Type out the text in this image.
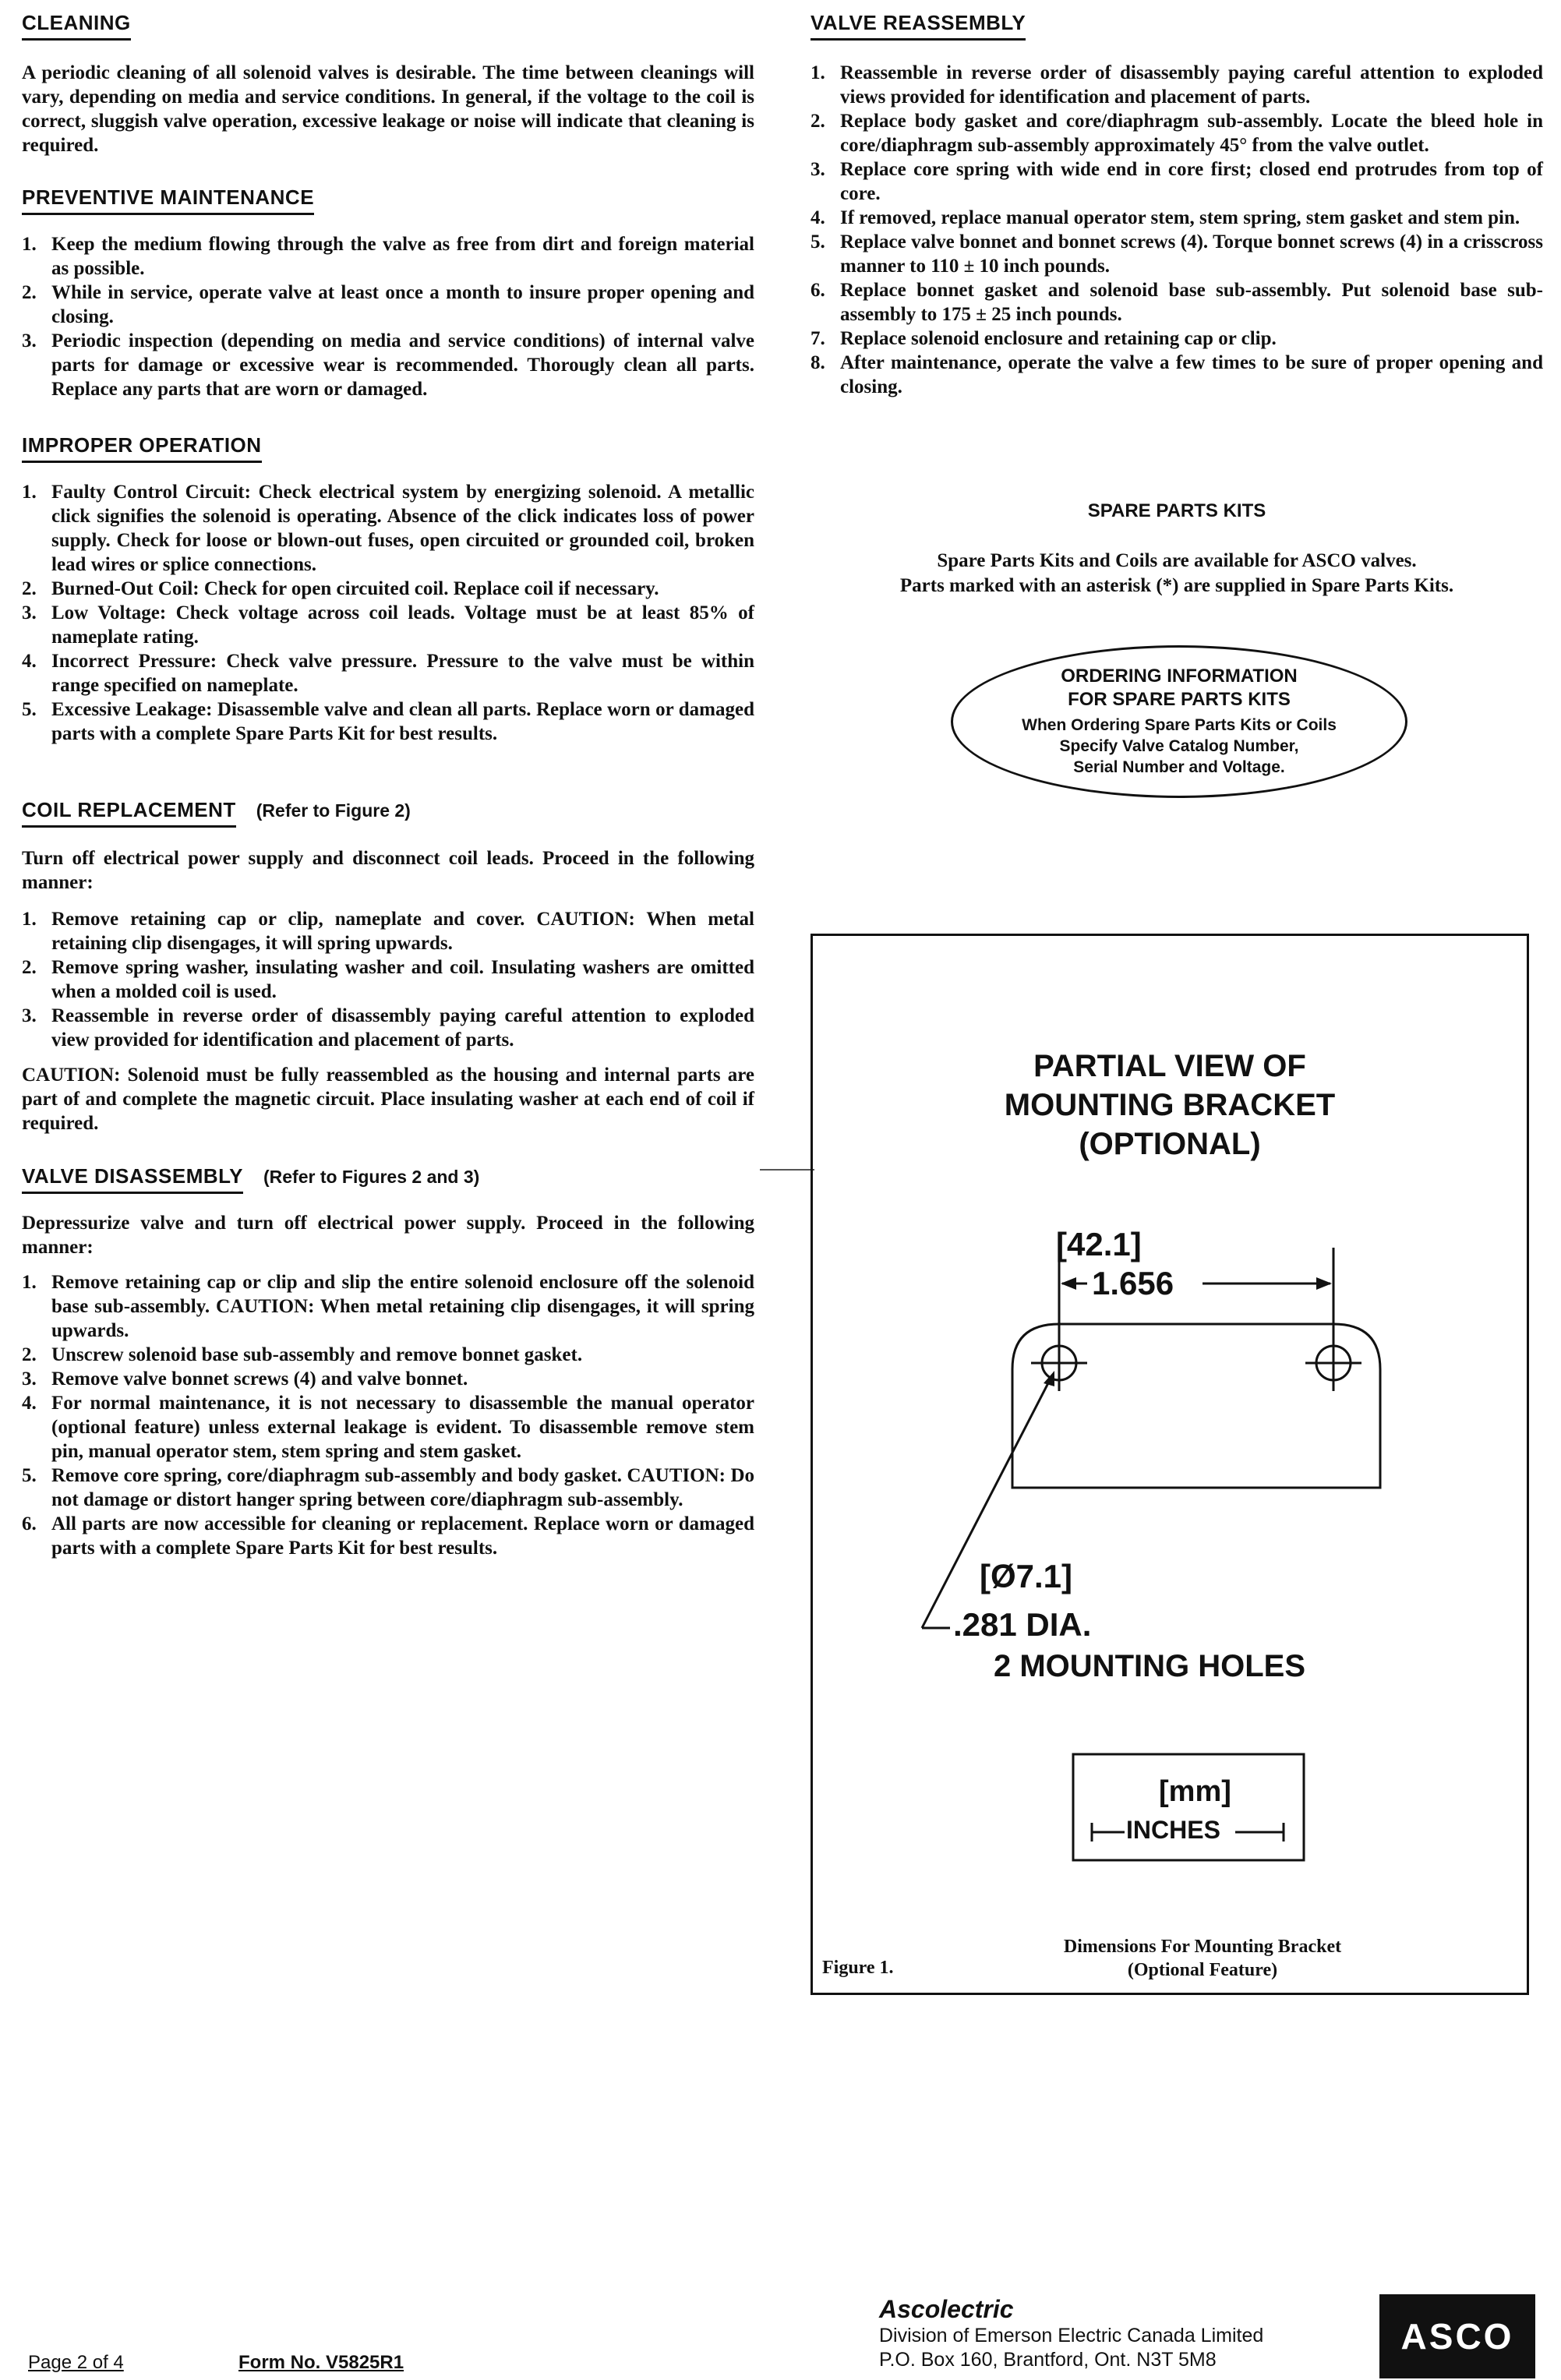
CLEANING
A periodic cleaning of all solenoid valves is desirable. The time between cleanings will vary, depending on media and service conditions. In general, if the voltage to the coil is correct, sluggish valve operation, excessive leakage or noise will indicate that cleaning is required.
PREVENTIVE MAINTENANCE
1. Keep the medium flowing through the valve as free from dirt and foreign material as possible.
2. While in service, operate valve at least once a month to insure proper opening and closing.
3. Periodic inspection (depending on media and service conditions) of internal valve parts for damage or excessive wear is recommended. Thorougly clean all parts. Replace any parts that are worn or damaged.
IMPROPER OPERATION
1. Faulty Control Circuit: Check electrical system by energizing solenoid. A metallic click signifies the solenoid is operating. Absence of the click indicates loss of power supply. Check for loose or blown-out fuses, open circuited or grounded coil, broken lead wires or splice connections.
2. Burned-Out Coil: Check for open circuited coil. Replace coil if necessary.
3. Low Voltage: Check voltage across coil leads. Voltage must be at least 85% of nameplate rating.
4. Incorrect Pressure: Check valve pressure. Pressure to the valve must be within range specified on nameplate.
5. Excessive Leakage: Disassemble valve and clean all parts. Replace worn or damaged parts with a complete Spare Parts Kit for best results.
COIL REPLACEMENT (Refer to Figure 2)
Turn off electrical power supply and disconnect coil leads. Proceed in the following manner:
1. Remove retaining cap or clip, nameplate and cover. CAUTION: When metal retaining clip disengages, it will spring upwards.
2. Remove spring washer, insulating washer and coil. Insulating washers are omitted when a molded coil is used.
3. Reassemble in reverse order of disassembly paying careful attention to exploded view provided for identification and placement of parts.
CAUTION: Solenoid must be fully reassembled as the housing and internal parts are part of and complete the magnetic circuit. Place insulating washer at each end of coil if required.
VALVE DISASSEMBLY (Refer to Figures 2 and 3)
Depressurize valve and turn off electrical power supply. Proceed in the following manner:
1. Remove retaining cap or clip and slip the entire solenoid enclosure off the solenoid base sub-assembly. CAUTION: When metal retaining clip disengages, it will spring upwards.
2. Unscrew solenoid base sub-assembly and remove bonnet gasket.
3. Remove valve bonnet screws (4) and valve bonnet.
4. For normal maintenance, it is not necessary to disassemble the manual operator (optional feature) unless external leakage is evident. To disassemble remove stem pin, manual operator stem, stem spring and stem gasket.
5. Remove core spring, core/diaphragm sub-assembly and body gasket. CAUTION: Do not damage or distort hanger spring between core/diaphragm sub-assembly.
6. All parts are now accessible for cleaning or replacement. Replace worn or damaged parts with a complete Spare Parts Kit for best results.
VALVE REASSEMBLY
1. Reassemble in reverse order of disassembly paying careful attention to exploded views provided for identification and placement of parts.
2. Replace body gasket and core/diaphragm sub-assembly. Locate the bleed hole in core/diaphragm sub-assembly approximately 45° from the valve outlet.
3. Replace core spring with wide end in core first; closed end protrudes from top of core.
4. If removed, replace manual operator stem, stem spring, stem gasket and stem pin.
5. Replace valve bonnet and bonnet screws (4). Torque bonnet screws (4) in a crisscross manner to 110 ± 10 inch pounds.
6. Replace bonnet gasket and solenoid base sub-assembly. Put solenoid base sub-assembly to 175 ± 25 inch pounds.
7. Replace solenoid enclosure and retaining cap or clip.
8. After maintenance, operate the valve a few times to be sure of proper opening and closing.
SPARE PARTS KITS
Spare Parts Kits and Coils are available for ASCO valves.
Parts marked with an asterisk (*) are supplied in Spare Parts Kits.
ORDERING INFORMATION
FOR SPARE PARTS KITS
When Ordering Spare Parts Kits or Coils
Specify Valve Catalog Number,
Serial Number and Voltage.
PARTIAL VIEW OF
MOUNTING BRACKET
(OPTIONAL)
[42.1]
1.656
[Ø7.1]
.281 DIA.
2 MOUNTING HOLES
[mm]
INCHES
Figure 1.
Dimensions For Mounting Bracket
(Optional Feature)
Page 2 of 4	Form No. V5825R1
Ascolectric
Division of Emerson Electric Canada Limited
P.O. Box 160, Brantford, Ont. N3T 5M8
ASCO
